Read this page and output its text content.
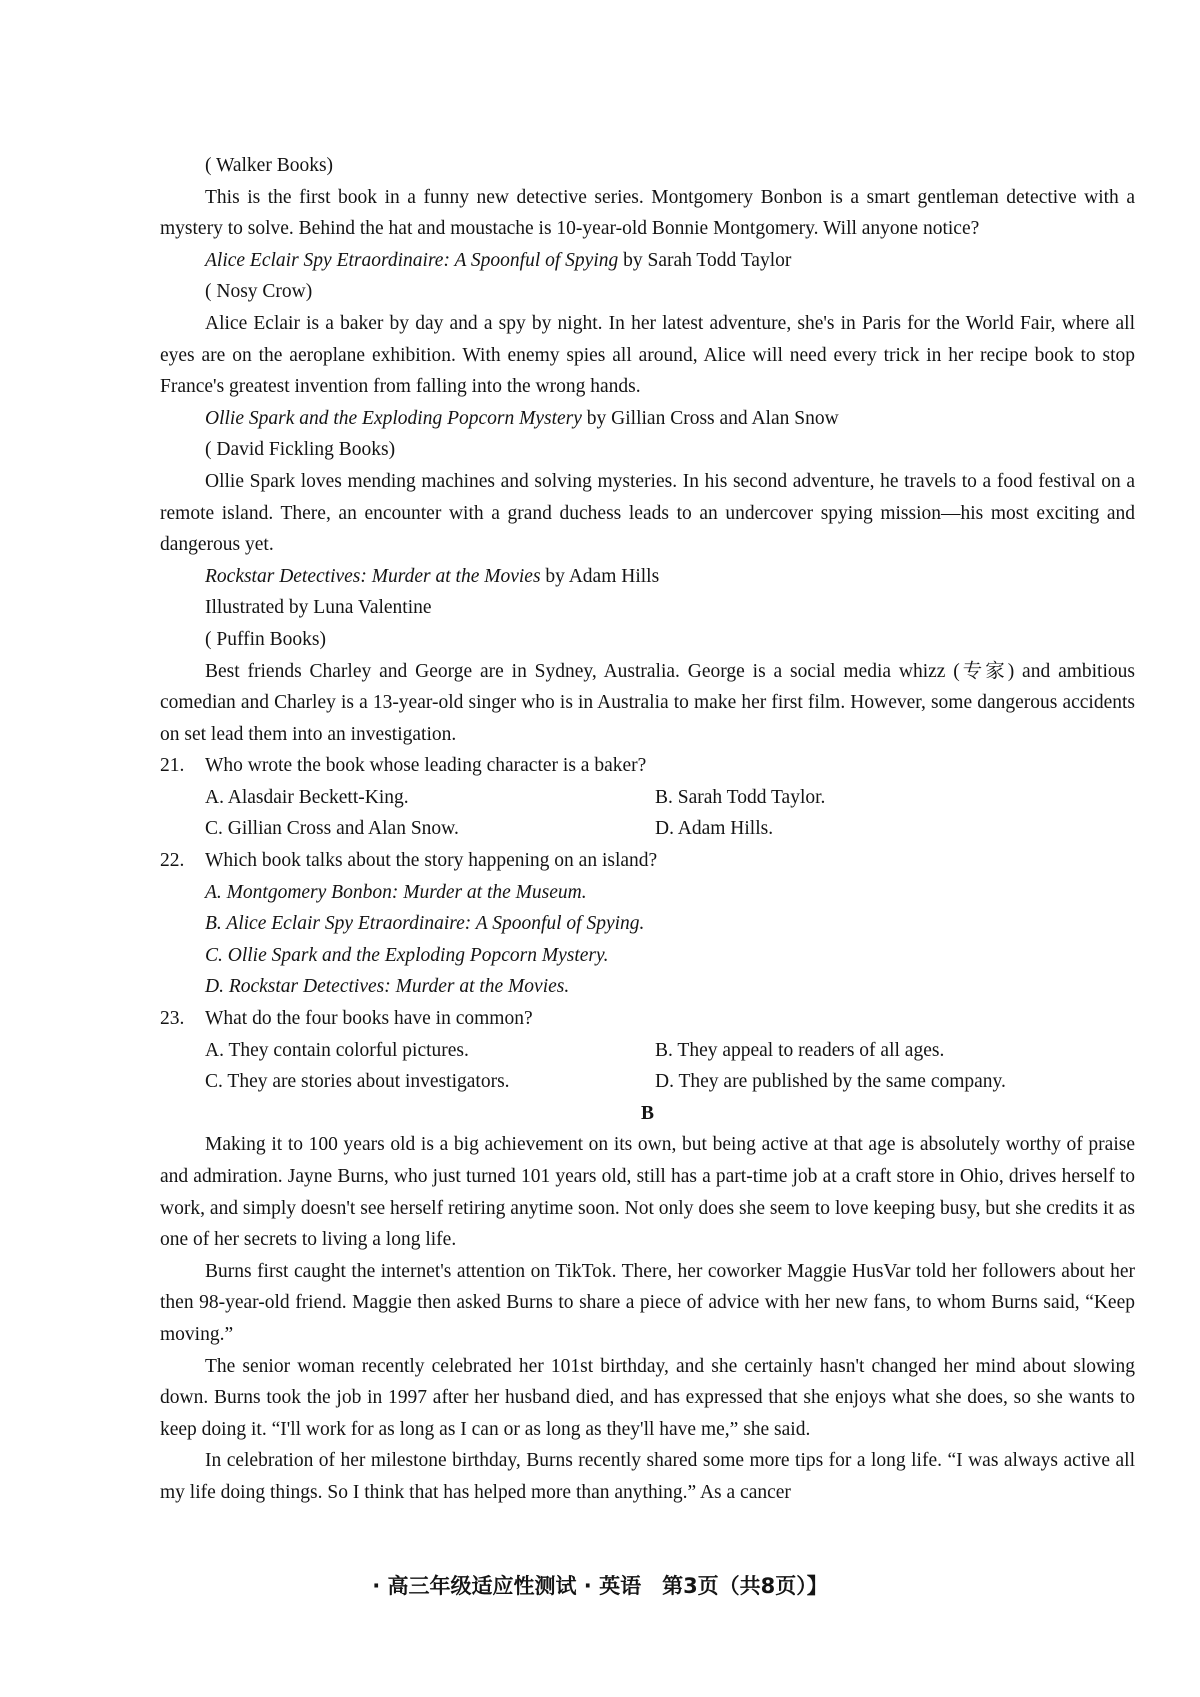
( Walker Books)

This is the first book in a funny new detective series. Montgomery Bonbon is a smart gentleman detective with a mystery to solve. Behind the hat and moustache is 10-year-old Bonnie Montgomery. Will anyone notice?

Alice Eclair Spy Etraordinaire: A Spoonful of Spying by Sarah Todd Taylor

( Nosy Crow)

Alice Eclair is a baker by day and a spy by night. In her latest adventure, she's in Paris for the World Fair, where all eyes are on the aeroplane exhibition. With enemy spies all around, Alice will need every trick in her recipe book to stop France's greatest invention from falling into the wrong hands.

Ollie Spark and the Exploding Popcorn Mystery by Gillian Cross and Alan Snow

( David Fickling Books)

Ollie Spark loves mending machines and solving mysteries. In his second adventure, he travels to a food festival on a remote island. There, an encounter with a grand duchess leads to an undercover spying mission—his most exciting and dangerous yet.

Rockstar Detectives: Murder at the Movies by Adam Hills

Illustrated by Luna Valentine

( Puffin Books)

Best friends Charley and George are in Sydney, Australia. George is a social media whizz (专家) and ambitious comedian and Charley is a 13-year-old singer who is in Australia to make her first film. However, some dangerous accidents on set lead them into an investigation.

21.	Who wrote the book whose leading character is a baker?
A. Alasdair Beckett-King.	B. Sarah Todd Taylor.
C. Gillian Cross and Alan Snow.	D. Adam Hills.
22.	Which book talks about the story happening on an island?
A. Montgomery Bonbon: Murder at the Museum.
B. Alice Eclair Spy Etraordinaire: A Spoonful of Spying.
C. Ollie Spark and the Exploding Popcorn Mystery.
D. Rockstar Detectives: Murder at the Movies.
23.	What do the four books have in common?
A. They contain colorful pictures.	B. They appeal to readers of all ages.
C. They are stories about investigators.	D. They are published by the same company.

B

Making it to 100 years old is a big achievement on its own, but being active at that age is absolutely worthy of praise and admiration. Jayne Burns, who just turned 101 years old, still has a part-time job at a craft store in Ohio, drives herself to work, and simply doesn't see herself retiring anytime soon. Not only does she seem to love keeping busy, but she credits it as one of her secrets to living a long life.

Burns first caught the internet's attention on TikTok. There, her coworker Maggie HusVar told her followers about her then 98-year-old friend. Maggie then asked Burns to share a piece of advice with her new fans, to whom Burns said, “Keep moving.”

The senior woman recently celebrated her 101st birthday, and she certainly hasn't changed her mind about slowing down. Burns took the job in 1997 after her husband died, and has expressed that she enjoys what she does, so she wants to keep doing it. “I'll work for as long as I can or as long as they'll have me,” she said.

In celebration of her milestone birthday, Burns recently shared some more tips for a long life. “I was always active all my life doing things. So I think that has helped more than anything.” As a cancer

· 高三年级适应性测试 · 英语　第3页（共8页）】
